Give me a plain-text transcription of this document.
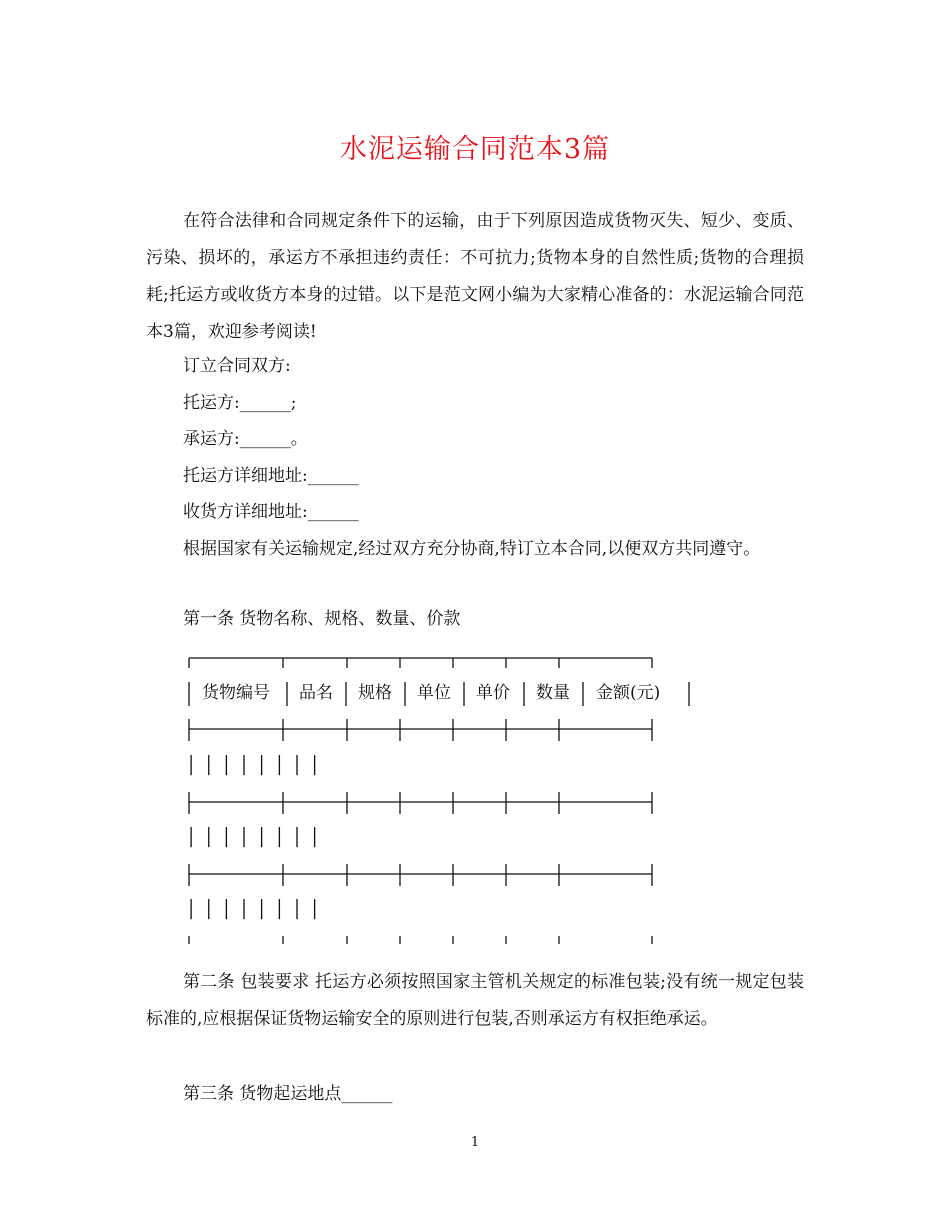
水泥运输合同范本3篇

在符合法律和合同规定条件下的运输，由于下列原因造成货物灭失、短少、变质、污染、损坏的，承运方不承担违约责任：不可抗力;货物本身的自然性质;货物的合理损耗;托运方或收货方本身的过错。以下是范文网小编为大家精心准备的：水泥运输合同范本3篇，欢迎参考阅读!

订立合同双方:
托运方:______;
承运方:______。
托运方详细地址:______
收货方详细地址:______

根据国家有关运输规定,经过双方充分协商,特订立本合同,以便双方共同遵守。

第一条 货物名称、规格、数量、价款
货物编号 品名 规格 单位 单价 数量 金额(元)
│ │ │ │ │ │ │ │
│ │ │ │ │ │ │ │
│ │ │ │ │ │ │ │

第二条 包装要求 托运方必须按照国家主管机关规定的标准包装;没有统一规定包装标准的,应根据保证货物运输安全的原则进行包装,否则承运方有权拒绝承运。

第三条 货物起运地点______
1
